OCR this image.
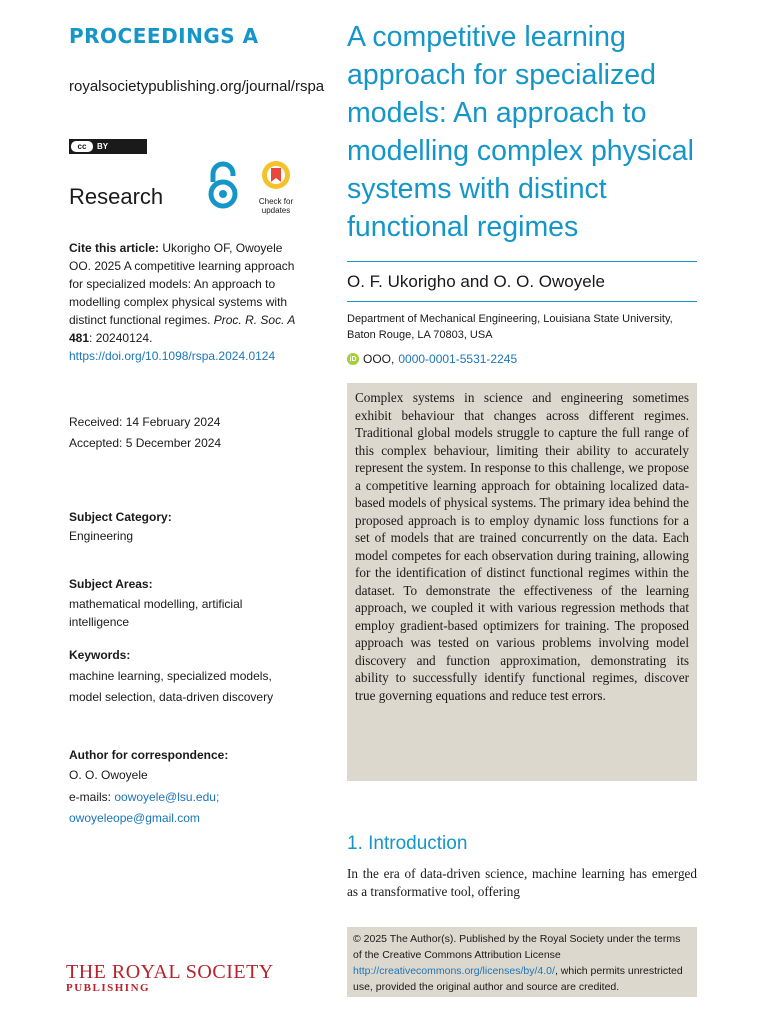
PROCEEDINGS A
royalsocietypublishing.org/journal/rspa
cc	BY
Research	Check for
updates
Cite this article: Ukorigho OF, Owoyele OO. 2025 A competitive learning approach for specialized models: An approach to modelling complex physical systems with distinct functional regimes. Proc. R. Soc. A 481: 20240124.
https://doi.org/10.1098/rspa.2024.0124
Received: 14 February 2024
Accepted: 5 December 2024
Subject Category:
Engineering
Subject Areas:
mathematical modelling, artificial intelligence
Keywords:
machine learning, specialized models, model selection, data-driven discovery
Author for correspondence:
O. O. Owoyele
e-mails: oowoyele@lsu.edu;
owoyeleope@gmail.com
A competitive learning approach for specialized models: An approach to modelling complex physical systems with distinct functional regimes
O. F. Ukorigho and O. O. Owoyele
Department of Mechanical Engineering, Louisiana State University, Baton Rouge, LA 70803, USA
iD OOO, 0000-0001-5531-2245
Complex systems in science and engineering sometimes exhibit behaviour that changes across different regimes. Traditional global models struggle to capture the full range of this complex behaviour, limiting their ability to accurately represent the system. In response to this challenge, we propose a competitive learning approach for obtaining localized data-based models of physical systems. The primary idea behind the proposed approach is to employ dynamic loss functions for a set of models that are trained concurrently on the data. Each model competes for each observation during training, allowing for the identification of distinct functional regimes within the dataset. To demonstrate the effectiveness of the learning approach, we coupled it with various regression methods that employ gradient-based optimizers for training. The proposed approach was tested on various problems involving model discovery and function approximation, demonstrating its ability to successfully identify functional regimes, discover true governing equations and reduce test errors.
1. Introduction
In the era of data-driven science, machine learning has emerged as a transformative tool, offering
© 2025 The Author(s). Published by the Royal Society under the terms of the Creative Commons Attribution License http://creativecommons.org/licenses/by/4.0/, which permits unrestricted use, provided the original author and source are credited.
THE ROYAL SOCIETY
PUBLISHING
